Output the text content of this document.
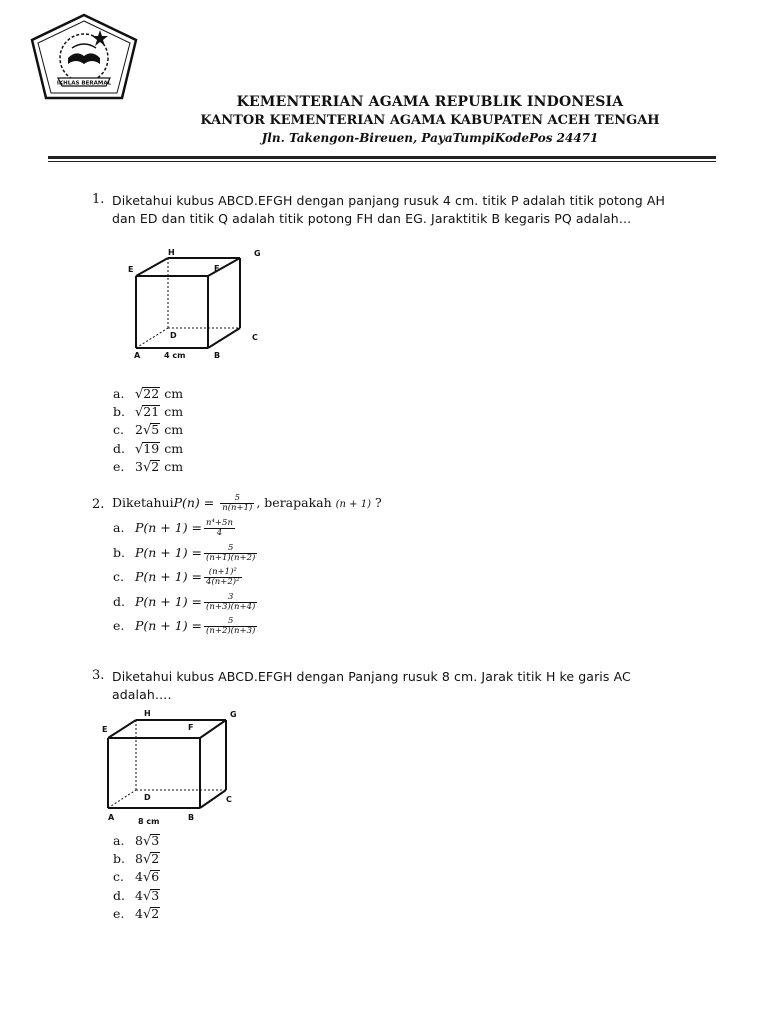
IKHLAS BERAMAL
KEMENTERIAN AGAMA REPUBLIK INDONESIA
KANTOR KEMENTERIAN AGAMA KABUPATEN ACEH TENGAH
Jln. Takengon-Bireuen, PayaTumpiKodePos 24471
1. Diketahui kubus ABCD.EFGH dengan panjang rusuk 4 cm. titik P adalah titik potong AH
dan ED dan titik Q adalah titik potong FH dan EG. Jaraktitik B kegaris PQ adalah…
E
H
F
G
D	C
A	B
4 cm
a. √22 cm
b. √21 cm
c. 2√5 cm
d. √19 cm
e. 3√2 cm
2. DiketahuiP(n) = $\frac{5}{n(n+1)}$ , berapakah (n + 1) ?
a. $P(n + 1) = \frac{\text{n⁴+5n}}{4}$
b. $P(n + 1) = \frac{5}{(n+1)(n+2)}$
c. $P(n + 1) = \frac{\text{(n+1)²}}{\text{4(n+2)²}}$
d. $P(n + 1) = \frac{3}{(n+3)(n+4)}$
e. $P(n + 1) = \frac{5}{(n+2)(n+3)}$
3. Diketahui kubus ABCD.EFGH dengan Panjang rusuk 8 cm. Jarak titik H ke garis AC
adalah….
E
H
F
G
D	C
A	B
8 cm
a. 8√3
b. 8√2
c. 4√6
d. 4√3
e. 4√2
